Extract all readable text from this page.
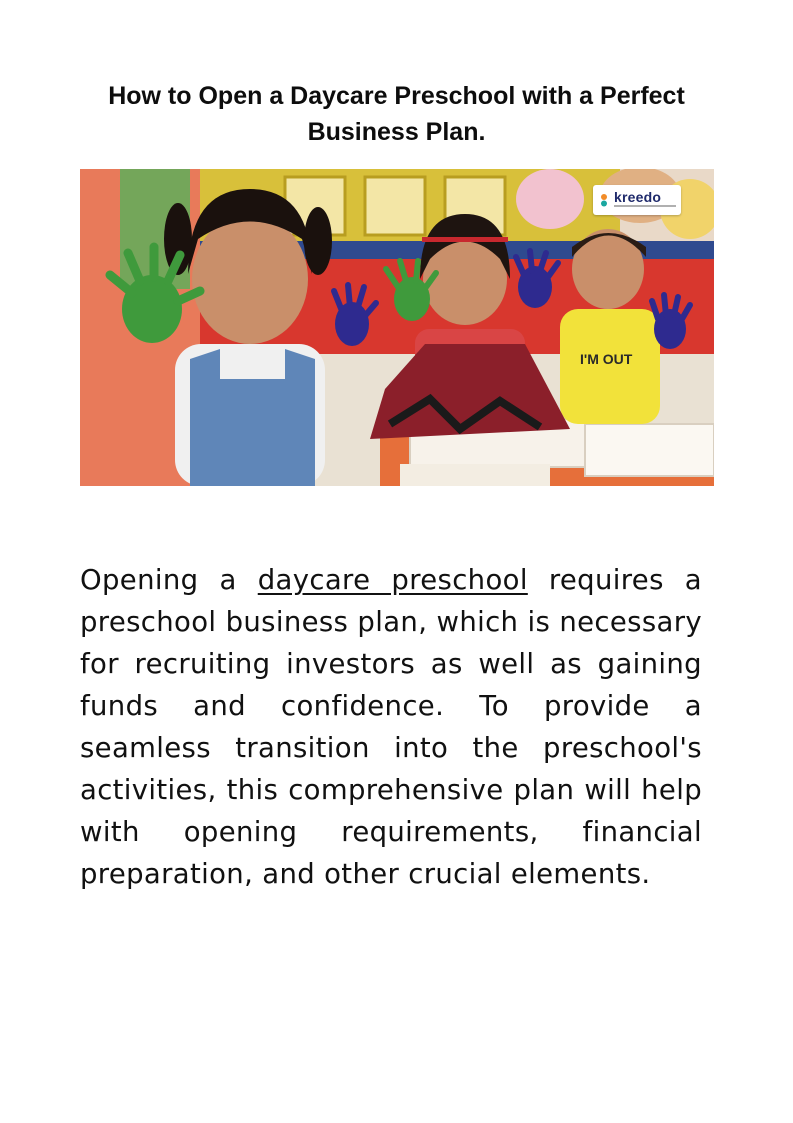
How to Open a Daycare Preschool with a Perfect Business Plan.
I'M OUT
kreedo

Opening a daycare preschool requires a preschool business plan, which is necessary for recruiting investors as well as gaining funds and confidence. To provide a seamless transition into the preschool's activities, this comprehensive plan will help with opening requirements, financial preparation, and other crucial elements.
